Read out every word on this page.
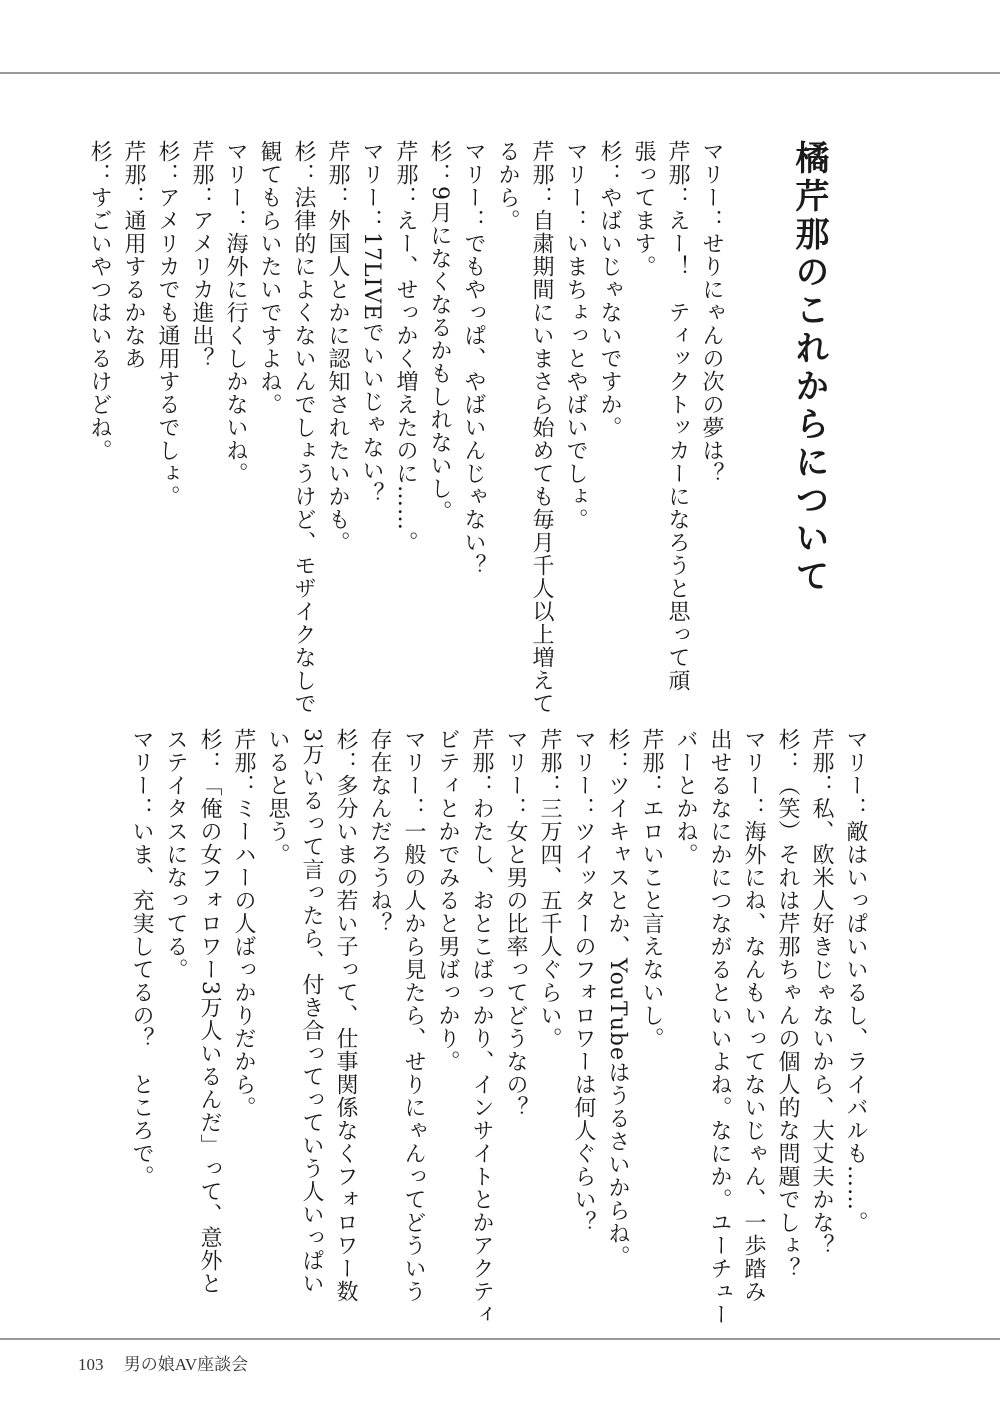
橘芹那のこれからについて
マリー：せりにゃんの次の夢は？
芹那：えー！　ティックトッカーになろうと思って頑
張ってます。
杉：やばいじゃないですか。
マリー：いまちょっとやばいでしょ。
芹那：自粛期間にいまさら始めても毎月千人以上増えて
るから。
マリー：でもやっぱ、やばいんじゃない？
杉：9月になくなるかもしれないし。
芹那：えー、せっかく増えたのに……。
マリー：17LIVEでいいじゃない？
芹那：外国人とかに認知されたいかも。
杉：法律的によくないんでしょうけど、モザイクなしで
観てもらいたいですよね。
マリー：海外に行くしかないね。
芹那：アメリカ進出？
杉：アメリカでも通用するでしょ。
芹那：通用するかなあ
杉：すごいやつはいるけどね。
マリー：敵はいっぱいいるし、ライバルも……。
芹那：私、欧米人好きじゃないから、大丈夫かな？
杉：（笑）それは芹那ちゃんの個人的な問題でしょ？
マリー：海外にね、なんもいってないじゃん、一歩踏み
出せるなにかにつながるといいよね。なにか。ユーチュー
バーとかね。
芹那：エロいこと言えないし。
杉：ツイキャスとか、YouTubeはうるさいからね。
マリー：ツイッターのフォロワーは何人ぐらい？
芹那：三万四、五千人ぐらい。
マリー：女と男の比率ってどうなの？
芹那：わたし、おとこばっかり、インサイトとかアクティ
ビティとかでみると男ばっかり。
マリー：一般の人から見たら、せりにゃんってどういう
存在なんだろうね？
杉：多分いまの若い子って、仕事関係なくフォロワー数
3万いるって言ったら、付き合ってっていう人いっぱい
いると思う。
芹那：ミーハーの人ばっかりだから。
杉：「俺の女フォロワー3万人いるんだ」って、意外と
ステイタスになってる。
マリー：いま、充実してるの？　ところで。
103 男の娘AV座談会
